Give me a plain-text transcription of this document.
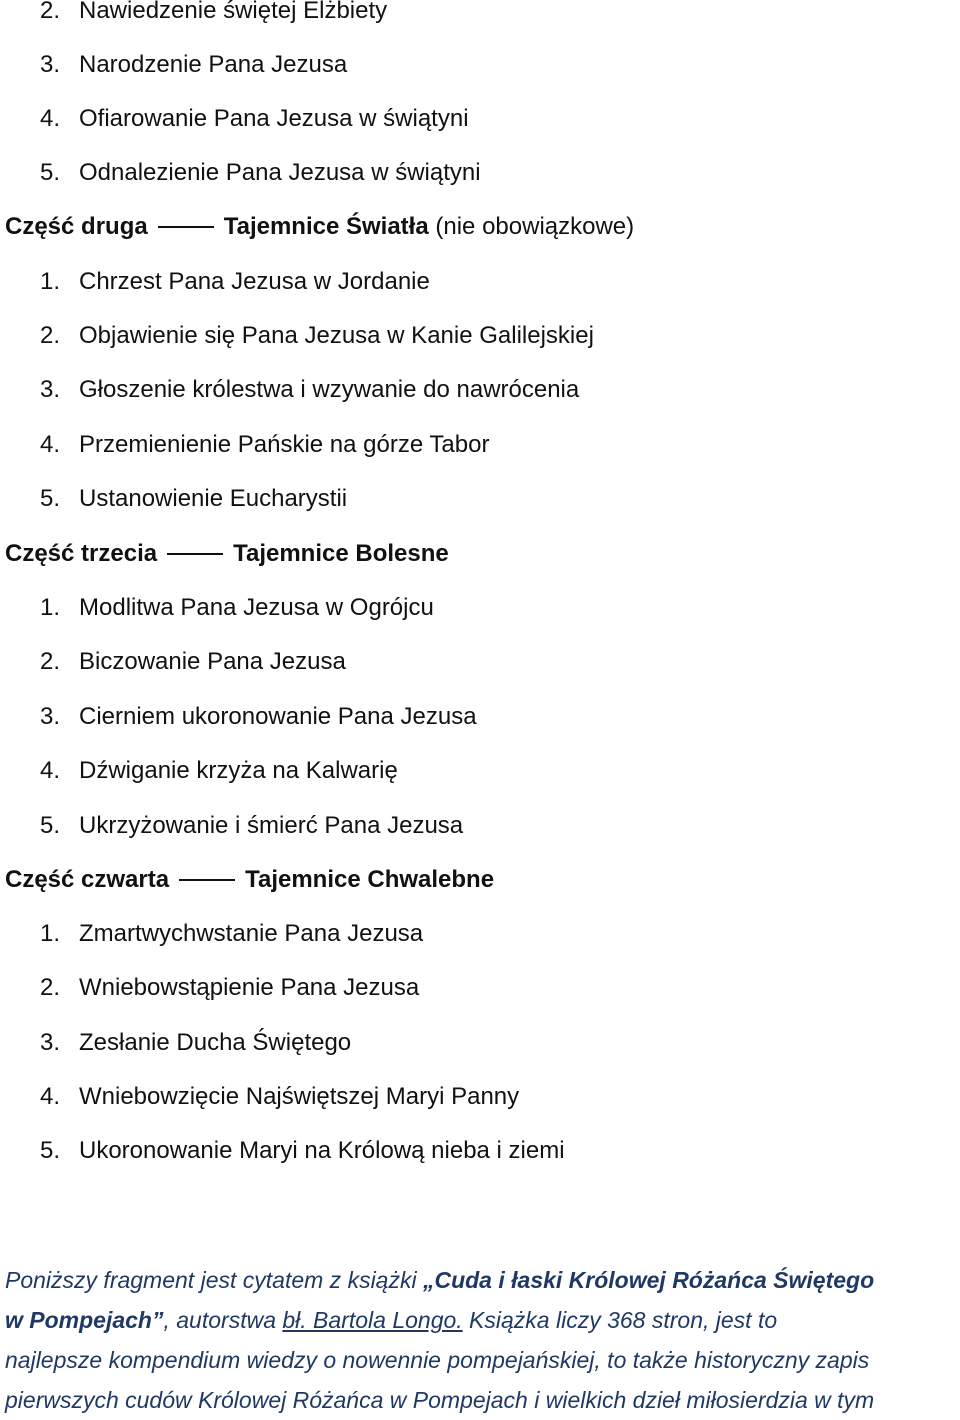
2. Nawiedzenie świętej Elżbiety
3. Narodzenie Pana Jezusa
4. Ofiarowanie Pana Jezusa w świątyni
5. Odnalezienie Pana Jezusa w świątyni
Część druga	Tajemnice Światła (nie obowiązkowe)
1. Chrzest Pana Jezusa w Jordanie
2. Objawienie się Pana Jezusa w Kanie Galilejskiej
3. Głoszenie królestwa i wzywanie do nawrócenia
4. Przemienienie Pańskie na górze Tabor
5. Ustanowienie Eucharystii
Część trzecia	Tajemnice Bolesne
1. Modlitwa Pana Jezusa w Ogrójcu
2. Biczowanie Pana Jezusa
3. Cierniem ukoronowanie Pana Jezusa
4. Dźwiganie krzyża na Kalwarię
5. Ukrzyżowanie i śmierć Pana Jezusa
Część czwarta	Tajemnice Chwalebne
1. Zmartwychwstanie Pana Jezusa
2. Wniebowstąpienie Pana Jezusa
3. Zesłanie Ducha Świętego
4. Wniebowzięcie Najświętszej Maryi Panny
5. Ukoronowanie Maryi na Królową nieba i ziemi
Poniższy fragment jest cytatem z książki „Cuda i łaski Królowej Różańca Świętego
w Pompejach”, autorstwa bł. Bartola Longo. Książka liczy 368 stron, jest to
najlepsze kompendium wiedzy o nowennie pompejańskiej, to także historyczny zapis
pierwszych cudów Królowej Różańca w Pompejach i wielkich dzieł miłosierdzia w tym
